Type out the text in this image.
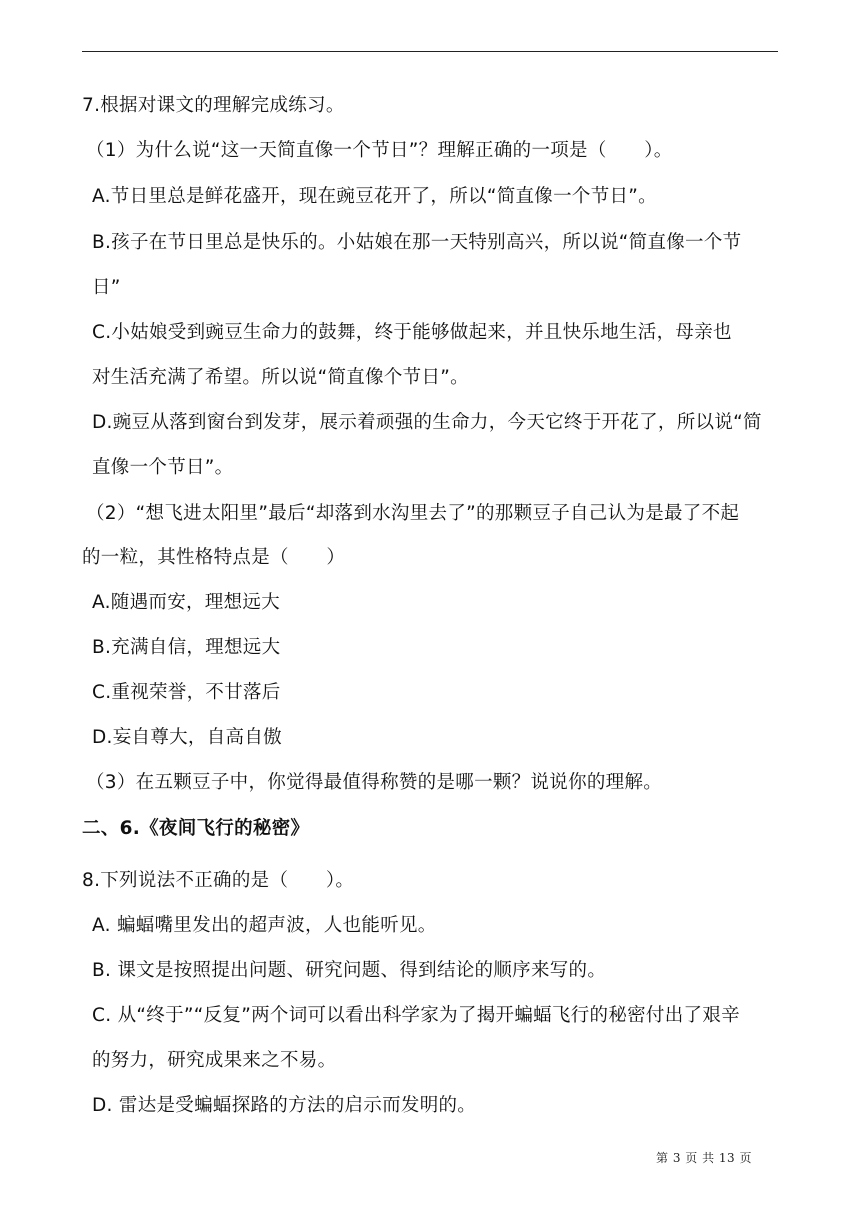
7.根据对课文的理解完成练习。
（1）为什么说“这一天简直像一个节日”？理解正确的一项是（　　）。
A.节日里总是鲜花盛开，现在豌豆花开了，所以“简直像一个节日”。
B.孩子在节日里总是快乐的。小姑娘在那一天特别高兴，所以说“简直像一个节
日”
C.小姑娘受到豌豆生命力的鼓舞，终于能够做起来，并且快乐地生活，母亲也
对生活充满了希望。所以说“简直像个节日”。
D.豌豆从落到窗台到发芽，展示着顽强的生命力，今天它终于开花了，所以说“简
直像一个节日”。
（2）“想飞进太阳里”最后“却落到水沟里去了”的那颗豆子自己认为是最了不起
的一粒，其性格特点是（　　）
A.随遇而安，理想远大
B.充满自信，理想远大
C.重视荣誉，不甘落后
D.妄自尊大，自高自傲
（3）在五颗豆子中，你觉得最值得称赞的是哪一颗？说说你的理解。
二、6.《夜间飞行的秘密》
8.下列说法不正确的是（　　）。
A. 蝙蝠嘴里发出的超声波，人也能听见。
B. 课文是按照提出问题、研究问题、得到结论的顺序来写的。
C. 从“终于”“反复”两个词可以看出科学家为了揭开蝙蝠飞行的秘密付出了艰辛
的努力，研究成果来之不易。
D. 雷达是受蝙蝠探路的方法的启示而发明的。
第 3 页 共 13 页
